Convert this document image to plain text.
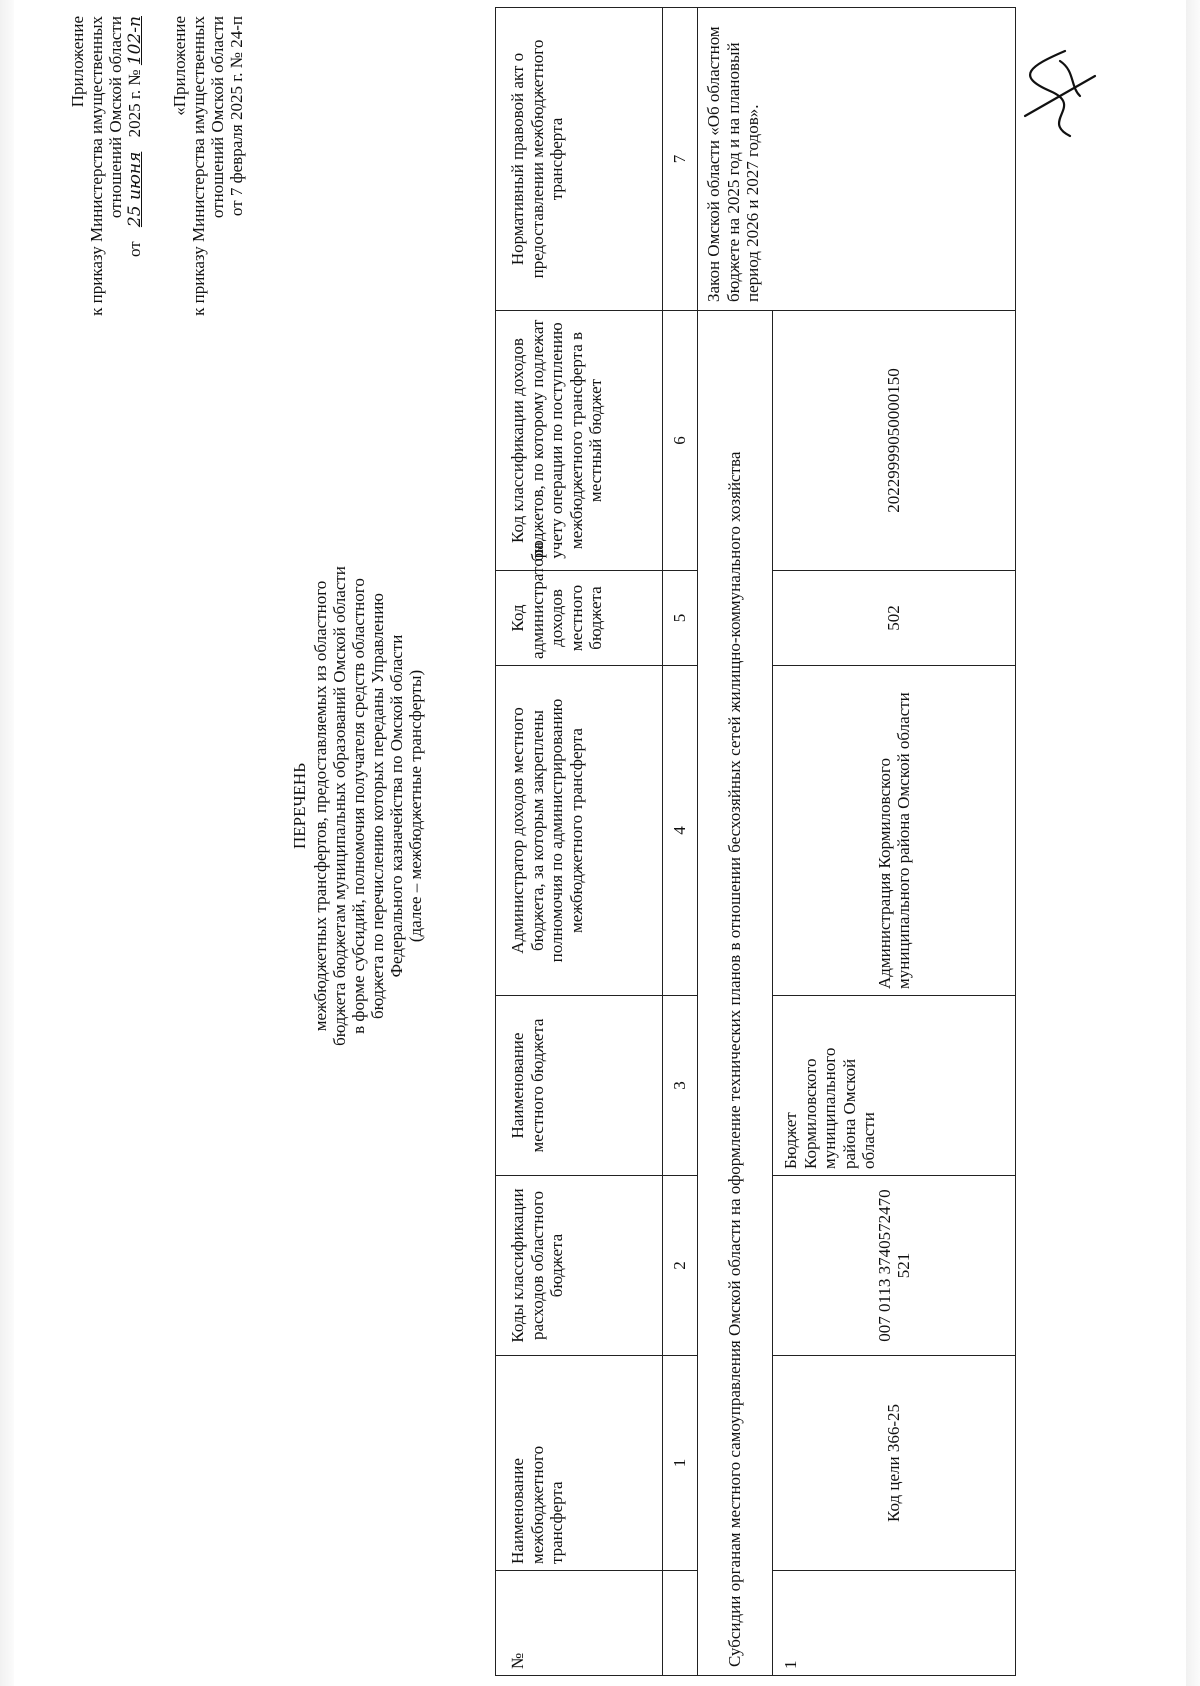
Приложение к приказу Министерства имущественных отношений Омской области
от 25 июня 2025 г. № 102-п «Приложение к приказу Министерства имущественных отношений Омской области от 7 февраля 2025 г. № 24-п
ПЕРЕЧЕНЬ межбюджетных трансфертов, предоставляемых из областного бюджета бюджетам муниципальных образований Омской области в форме субсидий, полномочия получателя средств областного бюджета по перечислению которых переданы Управлению Федерального казначейства по Омской области (далее – межбюджетные трансферты)
№	Наименование межбюджетного трансферта	Коды классификации расходов областного бюджета	Наименование местного бюджета	Администратор доходов местного бюджета, за которым закреплены полномочия по администрированию межбюджетного трансферта	Код администратора доходов местного бюджета	Код классификации доходов бюджетов, по которому подлежат учету операции по поступлению межбюджетного трансферта в местный бюджет	Нормативный правовой акт о предоставлении межбюджетного трансферта
	1	2	3	4	5	6	7
Субсидии органам местного самоуправления Омской области на оформление технических планов в отношении бесхозяйных сетей жилищно-коммунального хозяйства							Закон Омской области «Об областном бюджете на 2025 год и на плановый период 2026 и 2027 годов».
1	Код цели 366-25	007 0113 3740572470 521	Бюджет Кормиловского муниципального района Омской области	Администрация Кормиловского муниципального района Омской области	502	20229999050000150	
